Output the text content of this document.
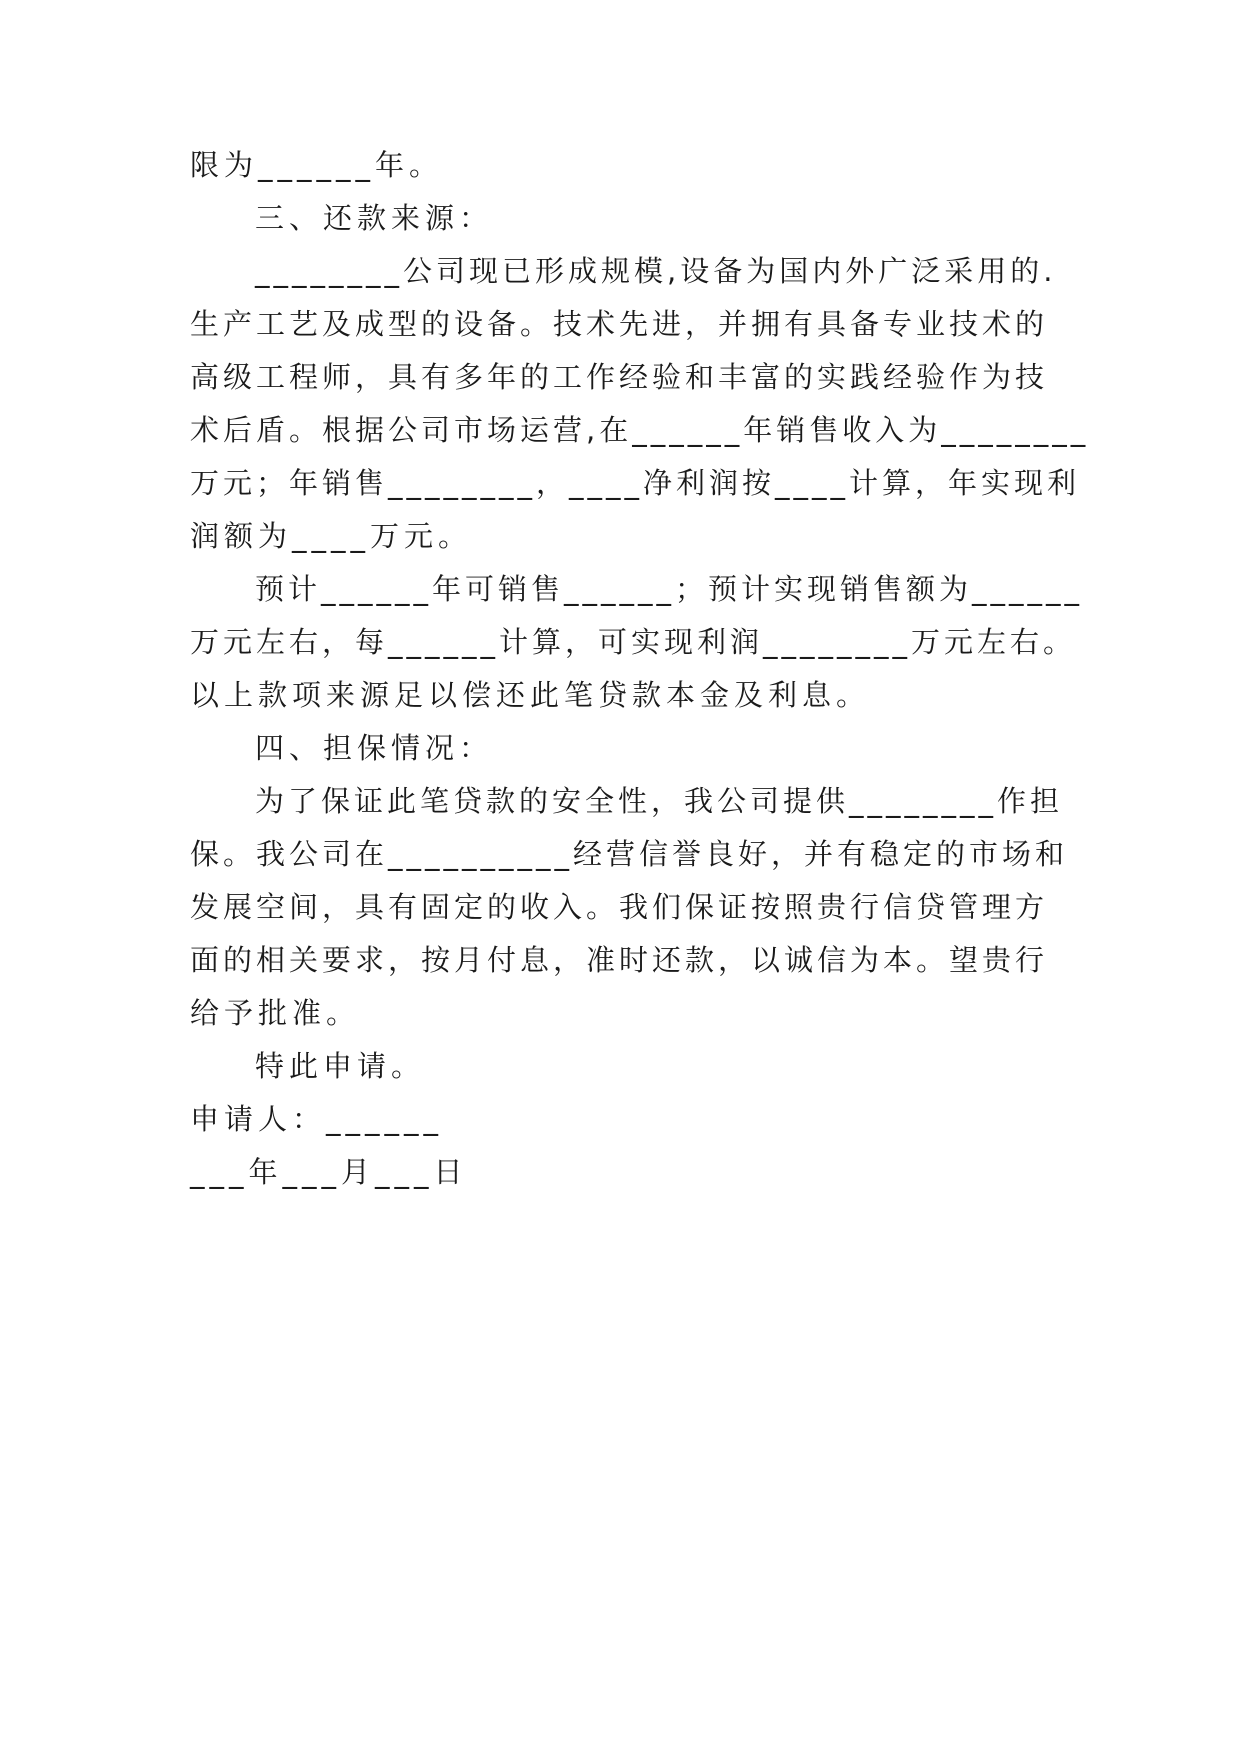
限为______年。
三、还款来源：
________公司现已形成规模,设备为国内外广泛采用的.
生产工艺及成型的设备。技术先进，并拥有具备专业技术的
高级工程师，具有多年的工作经验和丰富的实践经验作为技
术后盾。根据公司市场运营,在______年销售收入为________
万元；年销售________，____净利润按____计算，年实现利
润额为____万元。
预计______年可销售______；预计实现销售额为______
万元左右，每______计算，可实现利润________万元左右。
以上款项来源足以偿还此笔贷款本金及利息。
四、担保情况：
为了保证此笔贷款的安全性，我公司提供________作担
保。我公司在__________经营信誉良好，并有稳定的市场和
发展空间，具有固定的收入。我们保证按照贵行信贷管理方
面的相关要求，按月付息，准时还款，以诚信为本。望贵行
给予批准。
特此申请。
申请人：______
___年___月___日
